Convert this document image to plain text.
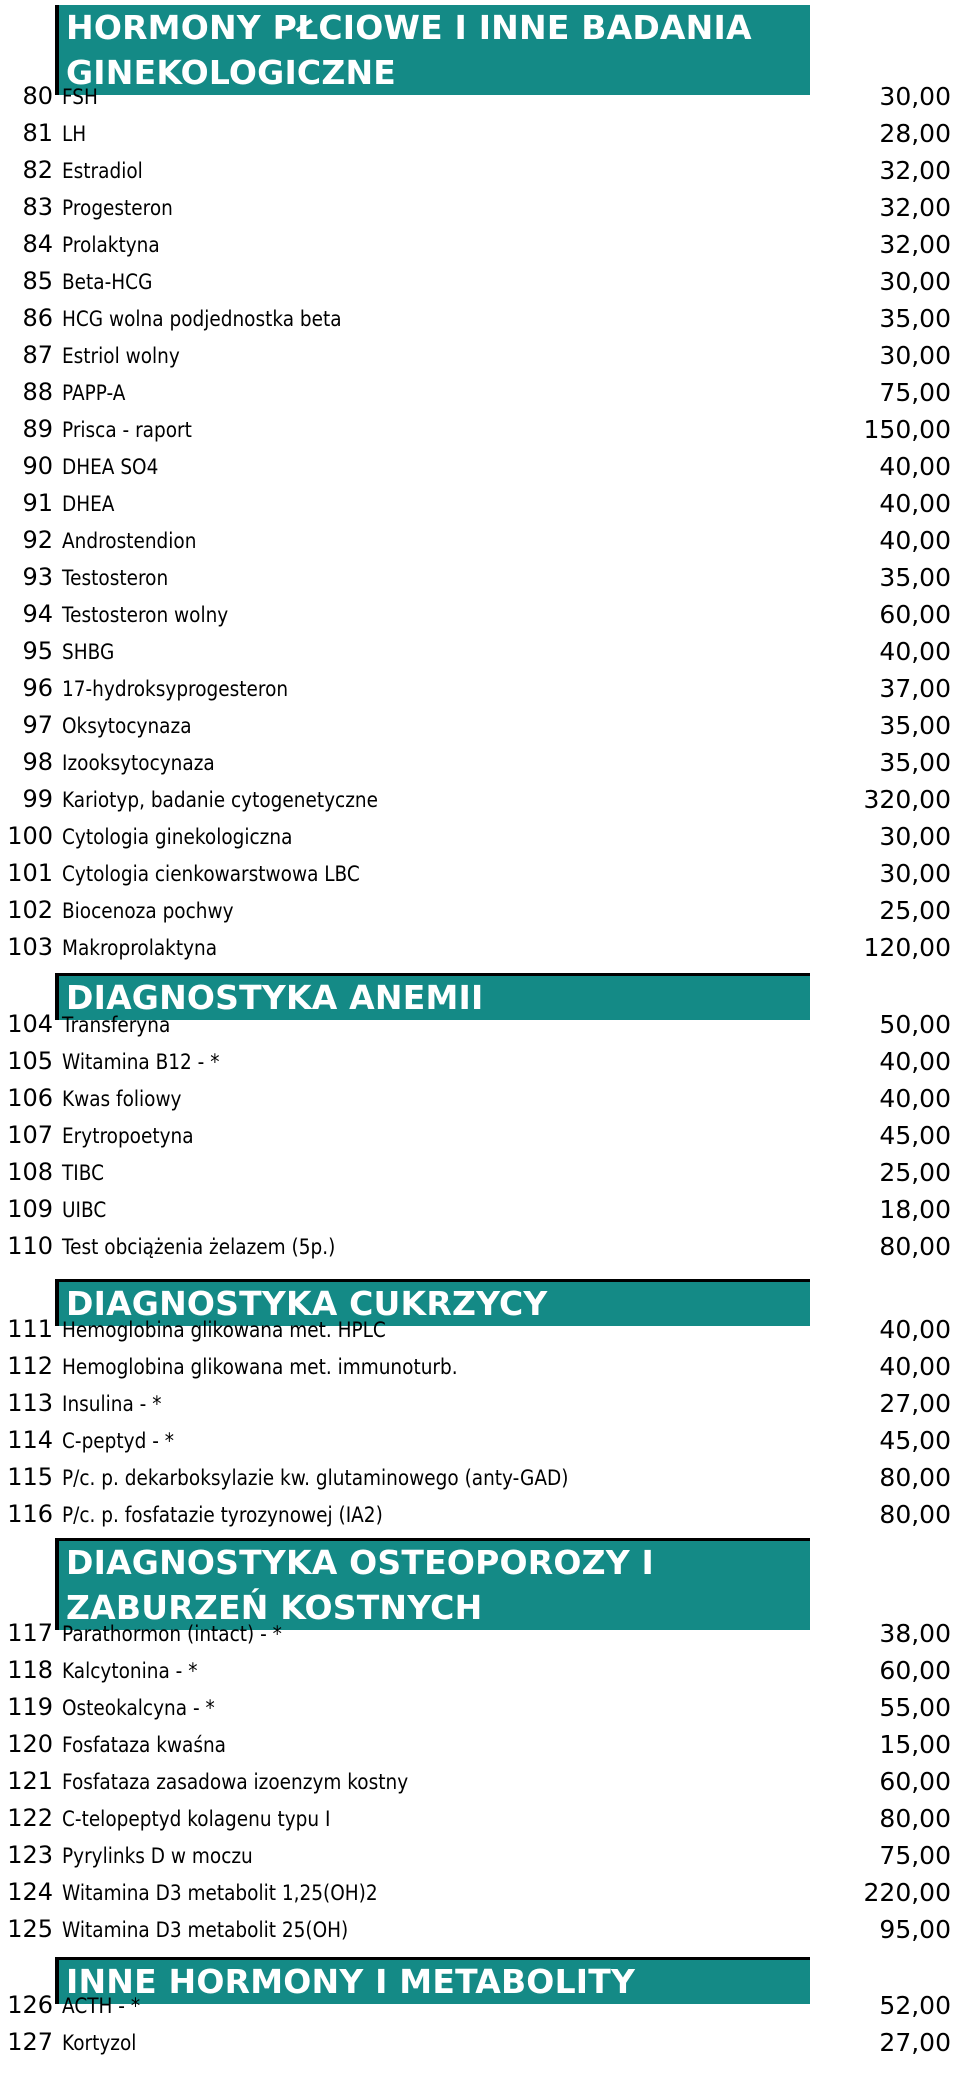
HORMONY PŁCIOWE I INNE BADANIA
GINEKOLOGICZNE
80 FSH	30,00
81 LH	28,00
82 Estradiol	32,00
83 Progesteron	32,00
84 Prolaktyna	32,00
85 Beta-HCG	30,00
86 HCG wolna podjednostka beta	35,00
87 Estriol wolny	30,00
88 PAPP-A	75,00
89 Prisca - raport	150,00
90 DHEA SO4	40,00
91 DHEA	40,00
92 Androstendion	40,00
93 Testosteron	35,00
94 Testosteron wolny	60,00
95 SHBG	40,00
96 17-hydroksyprogesteron	37,00
97 Oksytocynaza	35,00
98 Izooksytocynaza	35,00
99 Kariotyp, badanie cytogenetyczne	320,00
100 Cytologia ginekologiczna	30,00
101 Cytologia cienkowarstwowa LBC	30,00
102 Biocenoza pochwy	25,00
103 Makroprolaktyna	120,00
DIAGNOSTYKA ANEMII
104 Transferyna	50,00
105 Witamina B12 - *	40,00
106 Kwas foliowy	40,00
107 Erytropoetyna	45,00
108 TIBC	25,00
109 UIBC	18,00
110 Test obciążenia żelazem (5p.)	80,00
DIAGNOSTYKA CUKRZYCY
111 Hemoglobina glikowana met. HPLC	40,00
112 Hemoglobina glikowana met. immunoturb.	40,00
113 Insulina - *	27,00
114 C-peptyd - *	45,00
115 P/c. p. dekarboksylazie kw. glutaminowego (anty-GAD)	80,00
116 P/c. p. fosfatazie tyrozynowej (IA2)	80,00
DIAGNOSTYKA OSTEOPOROZY I
ZABURZEŃ KOSTNYCH
117 Parathormon (intact) - *	38,00
118 Kalcytonina - *	60,00
119 Osteokalcyna - *	55,00
120 Fosfataza kwaśna	15,00
121 Fosfataza zasadowa izoenzym kostny	60,00
122 C-telopeptyd kolagenu typu I	80,00
123 Pyrylinks D w moczu	75,00
124 Witamina D3 metabolit 1,25(OH)2	220,00
125 Witamina D3 metabolit 25(OH)	95,00
INNE HORMONY I METABOLITY
126 ACTH - *	52,00
127 Kortyzol	27,00
